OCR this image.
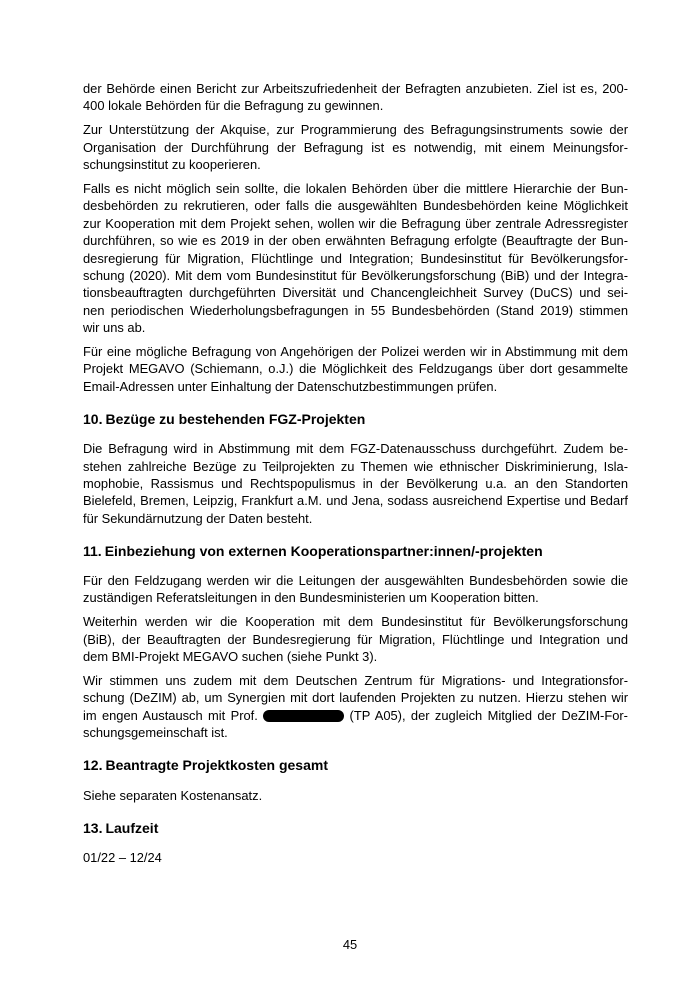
der Behörde einen Bericht zur Arbeitszufriedenheit der Befragten anzubieten. Ziel ist es, 200-
400 lokale Behörden für die Befragung zu gewinnen.
Zur Unterstützung der Akquise, zur Programmierung des Befragungsinstruments sowie der
Organisation der Durchführung der Befragung ist es notwendig, mit einem Meinungsfor-
schungsinstitut zu kooperieren.
Falls es nicht möglich sein sollte, die lokalen Behörden über die mittlere Hierarchie der Bun-
desbehörden zu rekrutieren, oder falls die ausgewählten Bundesbehörden keine Möglichkeit
zur Kooperation mit dem Projekt sehen, wollen wir die Befragung über zentrale Adressregister
durchführen, so wie es 2019 in der oben erwähnten Befragung erfolgte (Beauftragte der Bun-
desregierung für Migration, Flüchtlinge und Integration; Bundesinstitut für Bevölkerungsfor-
schung (2020). Mit dem vom Bundesinstitut für Bevölkerungsforschung (BiB) und der Integra-
tionsbeauftragten durchgeführten Diversität und Chancengleichheit Survey (DuCS) und sei-
nen periodischen Wiederholungsbefragungen in 55 Bundesbehörden (Stand 2019) stimmen
wir uns ab.
Für eine mögliche Befragung von Angehörigen der Polizei werden wir in Abstimmung mit dem
Projekt MEGAVO (Schiemann, o.J.) die Möglichkeit des Feldzugangs über dort gesammelte
Email-Adressen unter Einhaltung der Datenschutzbestimmungen prüfen.
10. Bezüge zu bestehenden FGZ-Projekten
Die Befragung wird in Abstimmung mit dem FGZ-Datenausschuss durchgeführt. Zudem be-
stehen zahlreiche Bezüge zu Teilprojekten zu Themen wie ethnischer Diskriminierung, Isla-
mophobie, Rassismus und Rechtspopulismus in der Bevölkerung u.a. an den Standorten
Bielefeld, Bremen, Leipzig, Frankfurt a.M. und Jena, sodass ausreichend Expertise und Bedarf
für Sekundärnutzung der Daten besteht.
11. Einbeziehung von externen Kooperationspartner:innen/-projekten
Für den Feldzugang werden wir die Leitungen der ausgewählten Bundesbehörden sowie die
zuständigen Referatsleitungen in den Bundesministerien um Kooperation bitten.
Weiterhin werden wir die Kooperation mit dem Bundesinstitut für Bevölkerungsforschung
(BiB), der Beauftragten der Bundesregierung für Migration, Flüchtlinge und Integration und
dem BMI-Projekt MEGAVO suchen (siehe Punkt 3).
Wir stimmen uns zudem mit dem Deutschen Zentrum für Migrations- und Integrationsfor-
schung (DeZIM) ab, um Synergien mit dort laufenden Projekten zu nutzen. Hierzu stehen wir
im engen Austausch mit Prof.	(TP A05), der zugleich Mitglied der DeZIM-For-
schungsgemeinschaft ist.
12. Beantragte Projektkosten gesamt
Siehe separaten Kostenansatz.
13. Laufzeit
01/22 – 12/24
45
